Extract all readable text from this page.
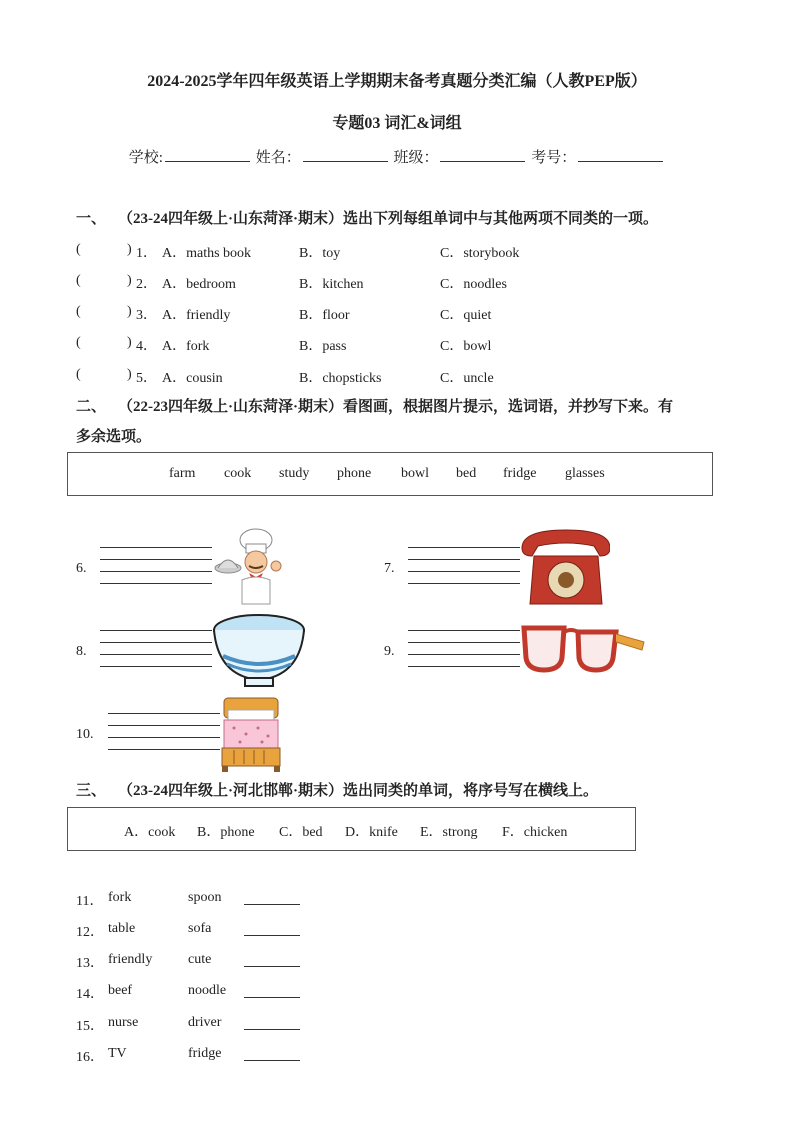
2024-2025学年四年级英语上学期期末备考真题分类汇编（人教PEP版）
专题03 词汇&词组
学校:	姓名：	班级：	考号：
一、 （23-24四年级上·山东菏泽·期末）选出下列每组单词中与其他两项不同类的一项。
(	) 1． A．maths book	B．toy	C．storybook
(	) 2． A．bedroom	B．kitchen	C．noodles
(	) 3． A．friendly	B．floor	C．quiet
(	) 4． A．fork	B．pass	C．bowl
(	) 5． A．cousin	B．chopsticks	C．uncle
二、 （22-23四年级上·山东菏泽·期末）看图画，根据图片提示，选词语，并抄写下来。有
多余选项。
farm cook study phone bowl bed fridge glasses
6.	7.
8.	9.
10.
三、 （23-24四年级上·河北邯郸·期末）选出同类的单词，将序号写在横线上。
A．cook B．phone C．bed D．knife E．strong F．chicken
11． fork	spoon
12． table	sofa
13． friendly	cute
14． beef	noodle
15． nurse	driver
16． TV	fridge
